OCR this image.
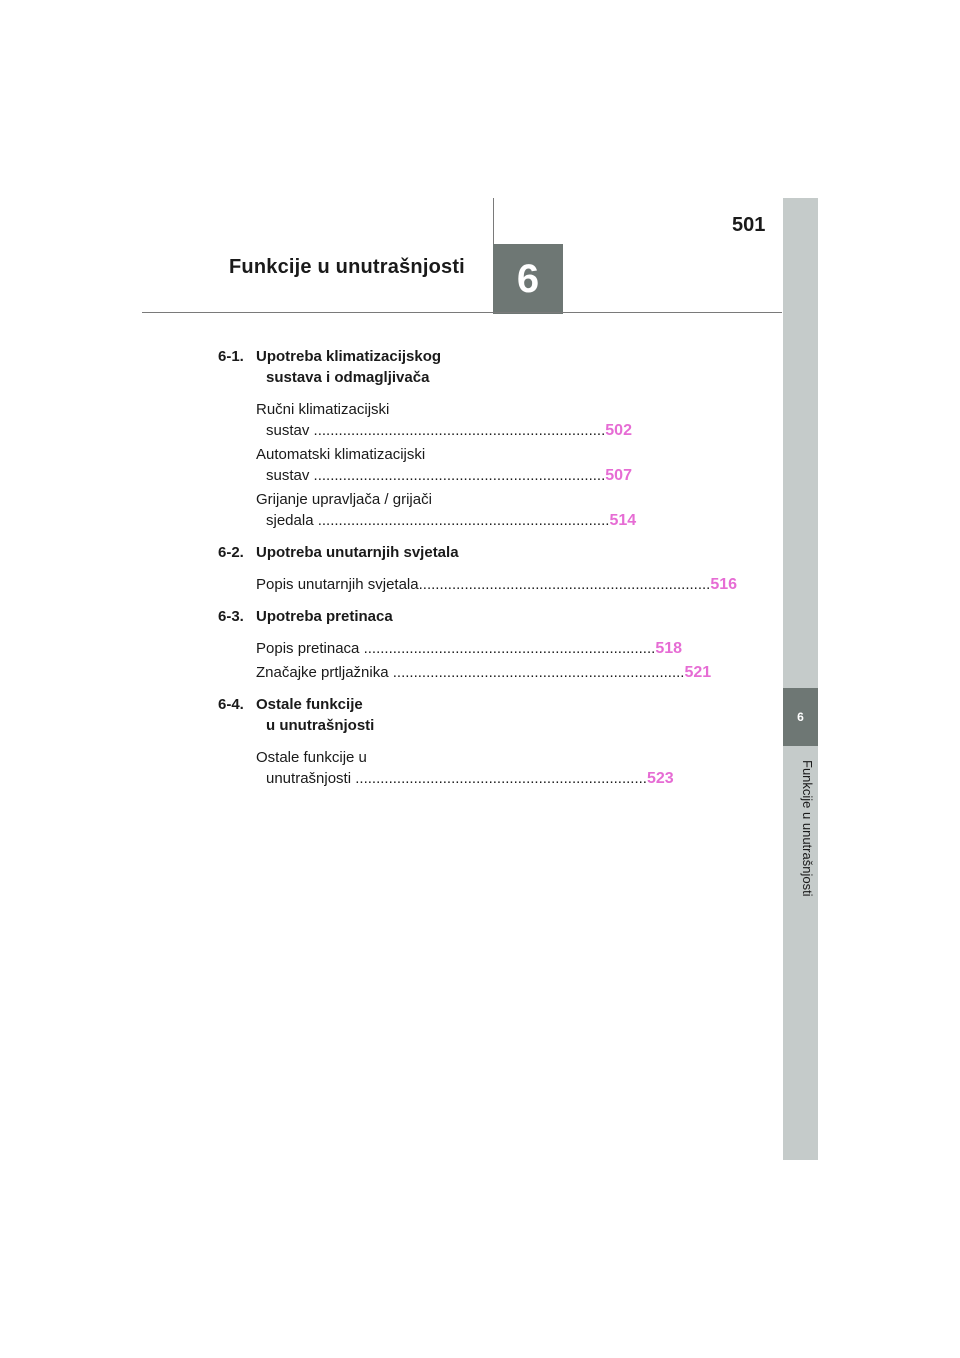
501
Funkcije u unutrašnjosti	6
6
Funkcije u unutrašnjosti
6-1. Upotreba klimatizacijskog
sustava i odmagljivača
Ručni klimatizacijski
sustav ...................................................................... 502
Automatski klimatizacijski
sustav ...................................................................... 507
Grijanje upravljača / grijači
sjedala ...................................................................... 514
6-2. Upotreba unutarnjih svjetala
Popis unutarnjih svjetala ...................................................................... 516
6-3. Upotreba pretinaca
Popis pretinaca ...................................................................... 518
Značajke prtljažnika ...................................................................... 521
6-4. Ostale funkcije
u unutrašnjosti
Ostale funkcije u
unutrašnjosti ...................................................................... 523
